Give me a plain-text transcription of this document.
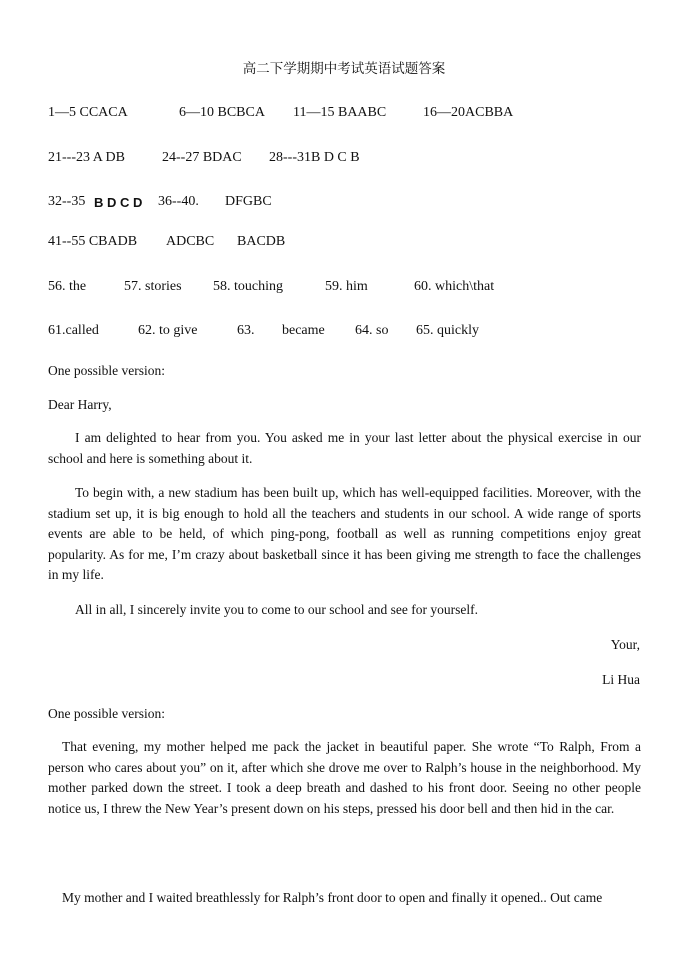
高二下学期期中考试英语试题答案
1—5 CCACA	6—10 BCBCA 11—15 BAABC	16—20ACBBA
21---23 A DB	24--27 BDAC 28---31B D C B
32--35 B D C D 36--40. DFGBC
41--55 CBADB ADCBC BACDB
56. the	57. stories 58. touching	59. him	60. which\that
61.called	62. to give	63. became 64. so 65. quickly
One possible version:
Dear Harry,
I am delighted to hear from you. You asked me in your last letter about the physical exercise in our school and here is something about it.
To begin with, a new stadium has been built up, which has well-equipped facilities. Moreover, with the stadium set up, it is big enough to hold all the teachers and students in our school. A wide range of sports events are able to be held, of which ping-pong, football as well as running competitions enjoy great popularity. As for me, I’m crazy about basketball since it has been giving me strength to face the challenges in my life.
All in all, I sincerely invite you to come to our school and see for yourself.
Your,
Li Hua
One possible version:
That evening, my mother helped me pack the jacket in beautiful paper. She wrote “To Ralph, From a person who cares about you” on it, after which she drove me over to Ralph’s house in the neighborhood. My mother parked down the street. I took a deep breath and dashed to his front door. Seeing no other people notice us, I threw the New Year’s present down on his steps, pressed his door bell and then hid in the car.
My mother and I waited breathlessly for Ralph’s front door to open and finally it opened.. Out came
